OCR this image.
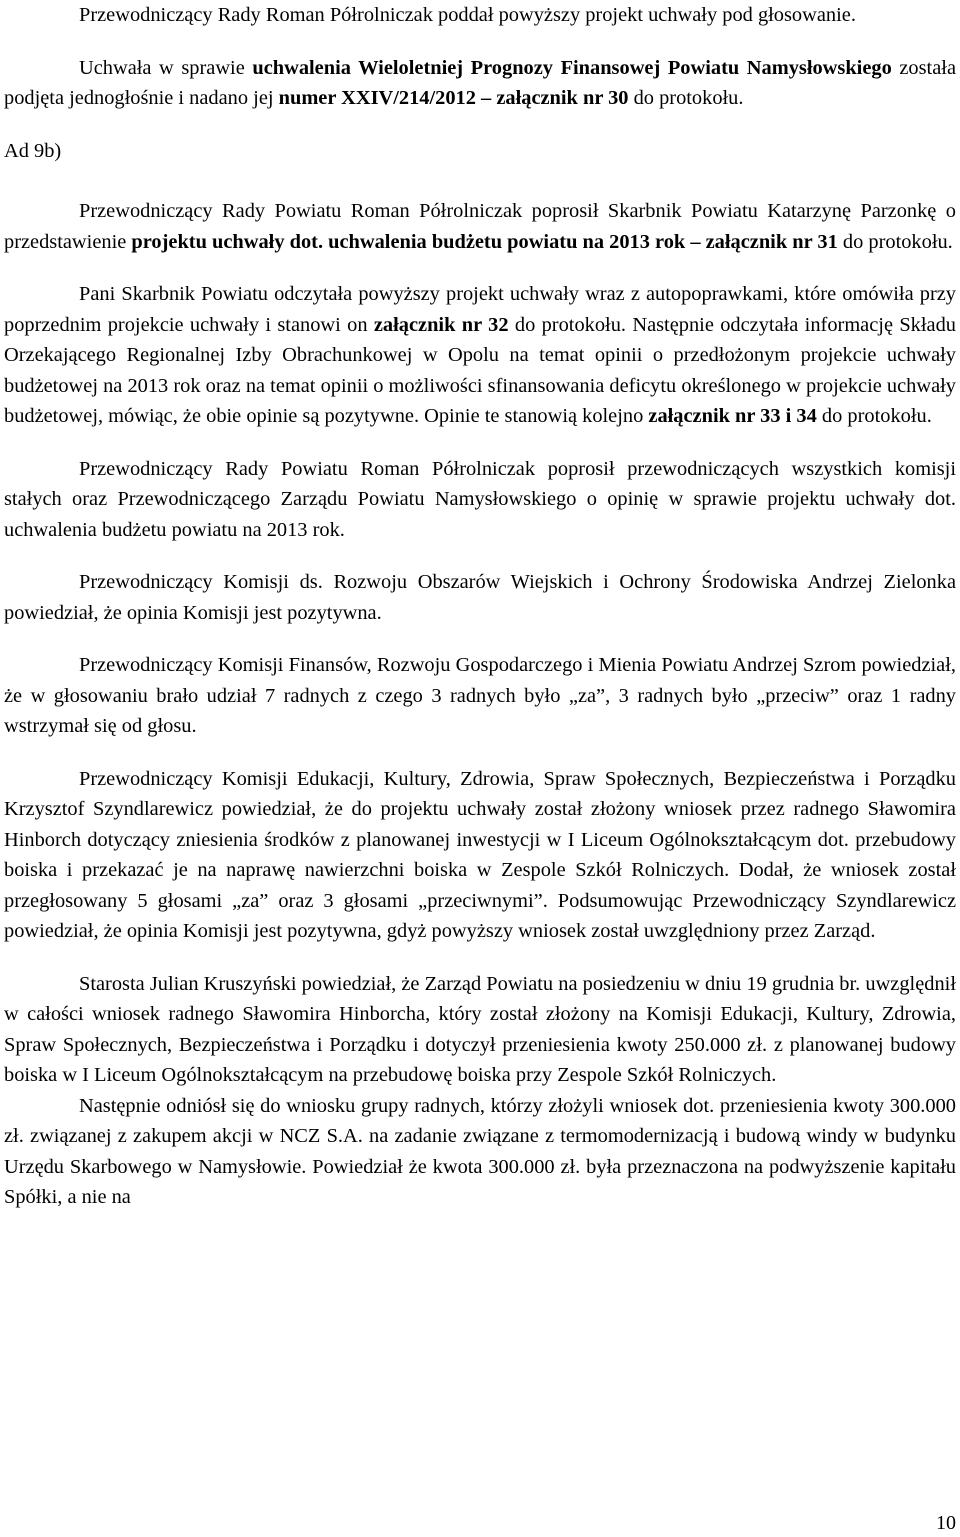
Przewodniczący Rady Roman Półrolniczak poddał powyższy projekt uchwały pod głosowanie.

Uchwała w sprawie uchwalenia Wieloletniej Prognozy Finansowej Powiatu Namysłowskiego została podjęta jednogłośnie i nadano jej numer XXIV/214/2012 – załącznik nr 30 do protokołu.

Ad 9b)

Przewodniczący Rady Powiatu Roman Półrolniczak poprosił Skarbnik Powiatu Katarzynę Parzonkę o przedstawienie projektu uchwały dot. uchwalenia budżetu powiatu na 2013 rok – załącznik nr 31 do protokołu.

Pani Skarbnik Powiatu odczytała powyższy projekt uchwały wraz z autopoprawkami, które omówiła przy poprzednim projekcie uchwały i stanowi on załącznik nr 32 do protokołu. Następnie odczytała informację Składu Orzekającego Regionalnej Izby Obrachunkowej w Opolu na temat opinii o przedłożonym projekcie uchwały budżetowej na 2013 rok oraz na temat opinii o możliwości sfinansowania deficytu określonego w projekcie uchwały budżetowej, mówiąc, że obie opinie są pozytywne. Opinie te stanowią kolejno załącznik nr 33 i 34 do protokołu.

Przewodniczący Rady Powiatu Roman Półrolniczak poprosił przewodniczących wszystkich komisji stałych oraz Przewodniczącego Zarządu Powiatu Namysłowskiego o opinię w sprawie projektu uchwały dot. uchwalenia budżetu powiatu na 2013 rok.

Przewodniczący Komisji ds. Rozwoju Obszarów Wiejskich i Ochrony Środowiska Andrzej Zielonka powiedział, że opinia Komisji jest pozytywna.

Przewodniczący Komisji Finansów, Rozwoju Gospodarczego i Mienia Powiatu Andrzej Szrom powiedział, że w głosowaniu brało udział 7 radnych z czego 3 radnych było „za”, 3 radnych było „przeciw” oraz 1 radny wstrzymał się od głosu.

Przewodniczący Komisji Edukacji, Kultury, Zdrowia, Spraw Społecznych, Bezpieczeństwa i Porządku Krzysztof Szyndlarewicz powiedział, że do projektu uchwały został złożony wniosek przez radnego Sławomira Hinborch dotyczący zniesienia środków z planowanej inwestycji w I Liceum Ogólnokształcącym dot. przebudowy boiska i przekazać je na naprawę nawierzchni boiska w Zespole Szkół Rolniczych. Dodał, że wniosek został przegłosowany 5 głosami „za” oraz 3 głosami „przeciwnymi”. Podsumowując Przewodniczący Szyndlarewicz powiedział, że opinia Komisji jest pozytywna, gdyż powyższy wniosek został uwzględniony przez Zarząd.

Starosta Julian Kruszyński powiedział, że Zarząd Powiatu na posiedzeniu w dniu 19 grudnia br. uwzględnił w całości wniosek radnego Sławomira Hinborcha, który został złożony na Komisji Edukacji, Kultury, Zdrowia, Spraw Społecznych, Bezpieczeństwa i Porządku i dotyczył przeniesienia kwoty 250.000 zł. z planowanej budowy boiska w I Liceum Ogólnokształcącym na przebudowę boiska przy Zespole Szkół Rolniczych.

Następnie odniósł się do wniosku grupy radnych, którzy złożyli wniosek dot. przeniesienia kwoty 300.000 zł. związanej z zakupem akcji w NCZ S.A. na zadanie związane z termomodernizacją i budową windy w budynku Urzędu Skarbowego w Namysłowie. Powiedział że kwota 300.000 zł. była przeznaczona na podwyższenie kapitału Spółki, a nie na

10
